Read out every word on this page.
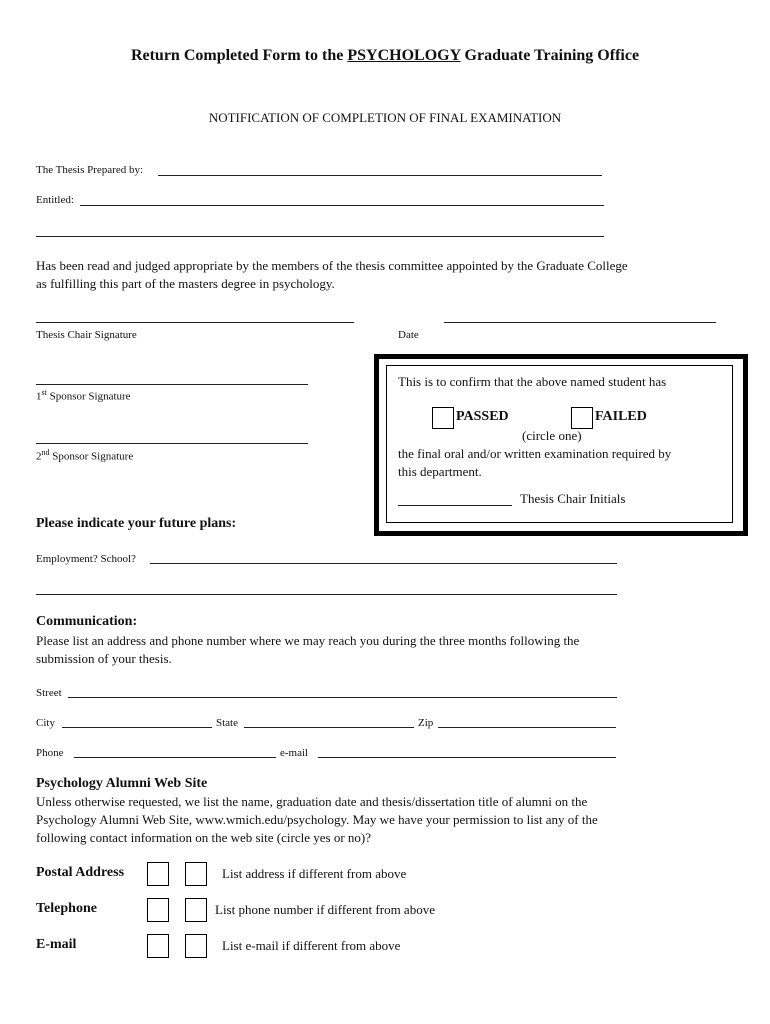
Return Completed Form to the PSYCHOLOGY Graduate Training Office
NOTIFICATION OF COMPLETION OF FINAL EXAMINATION
The Thesis Prepared by:
Entitled:
Has been read and judged appropriate by the members of the thesis committee appointed by the Graduate College
as fulfilling this part of the masters degree in psychology.
Thesis Chair Signature	Date
1st Sponsor Signature
2nd Sponsor Signature
This is to confirm that the above named student has
PASSED	FAILED
(circle one)
the final oral and/or written examination required by
this department.
Thesis Chair Initials
Please indicate your future plans:
Employment? School?
Communication:
Please list an address and phone number where we may reach you during the three months following the
submission of your thesis.
Street
City	State	Zip
Phone	e-mail
Psychology Alumni Web Site
Unless otherwise requested, we list the name, graduation date and thesis/dissertation title of alumni on the
Psychology Alumni Web Site, www.wmich.edu/psychology. May we have your permission to list any of the
following contact information on the web site (circle yes or no)?
Postal Address	List address if different from above
Telephone	List phone number if different from above
E-mail	List e-mail if different from above
